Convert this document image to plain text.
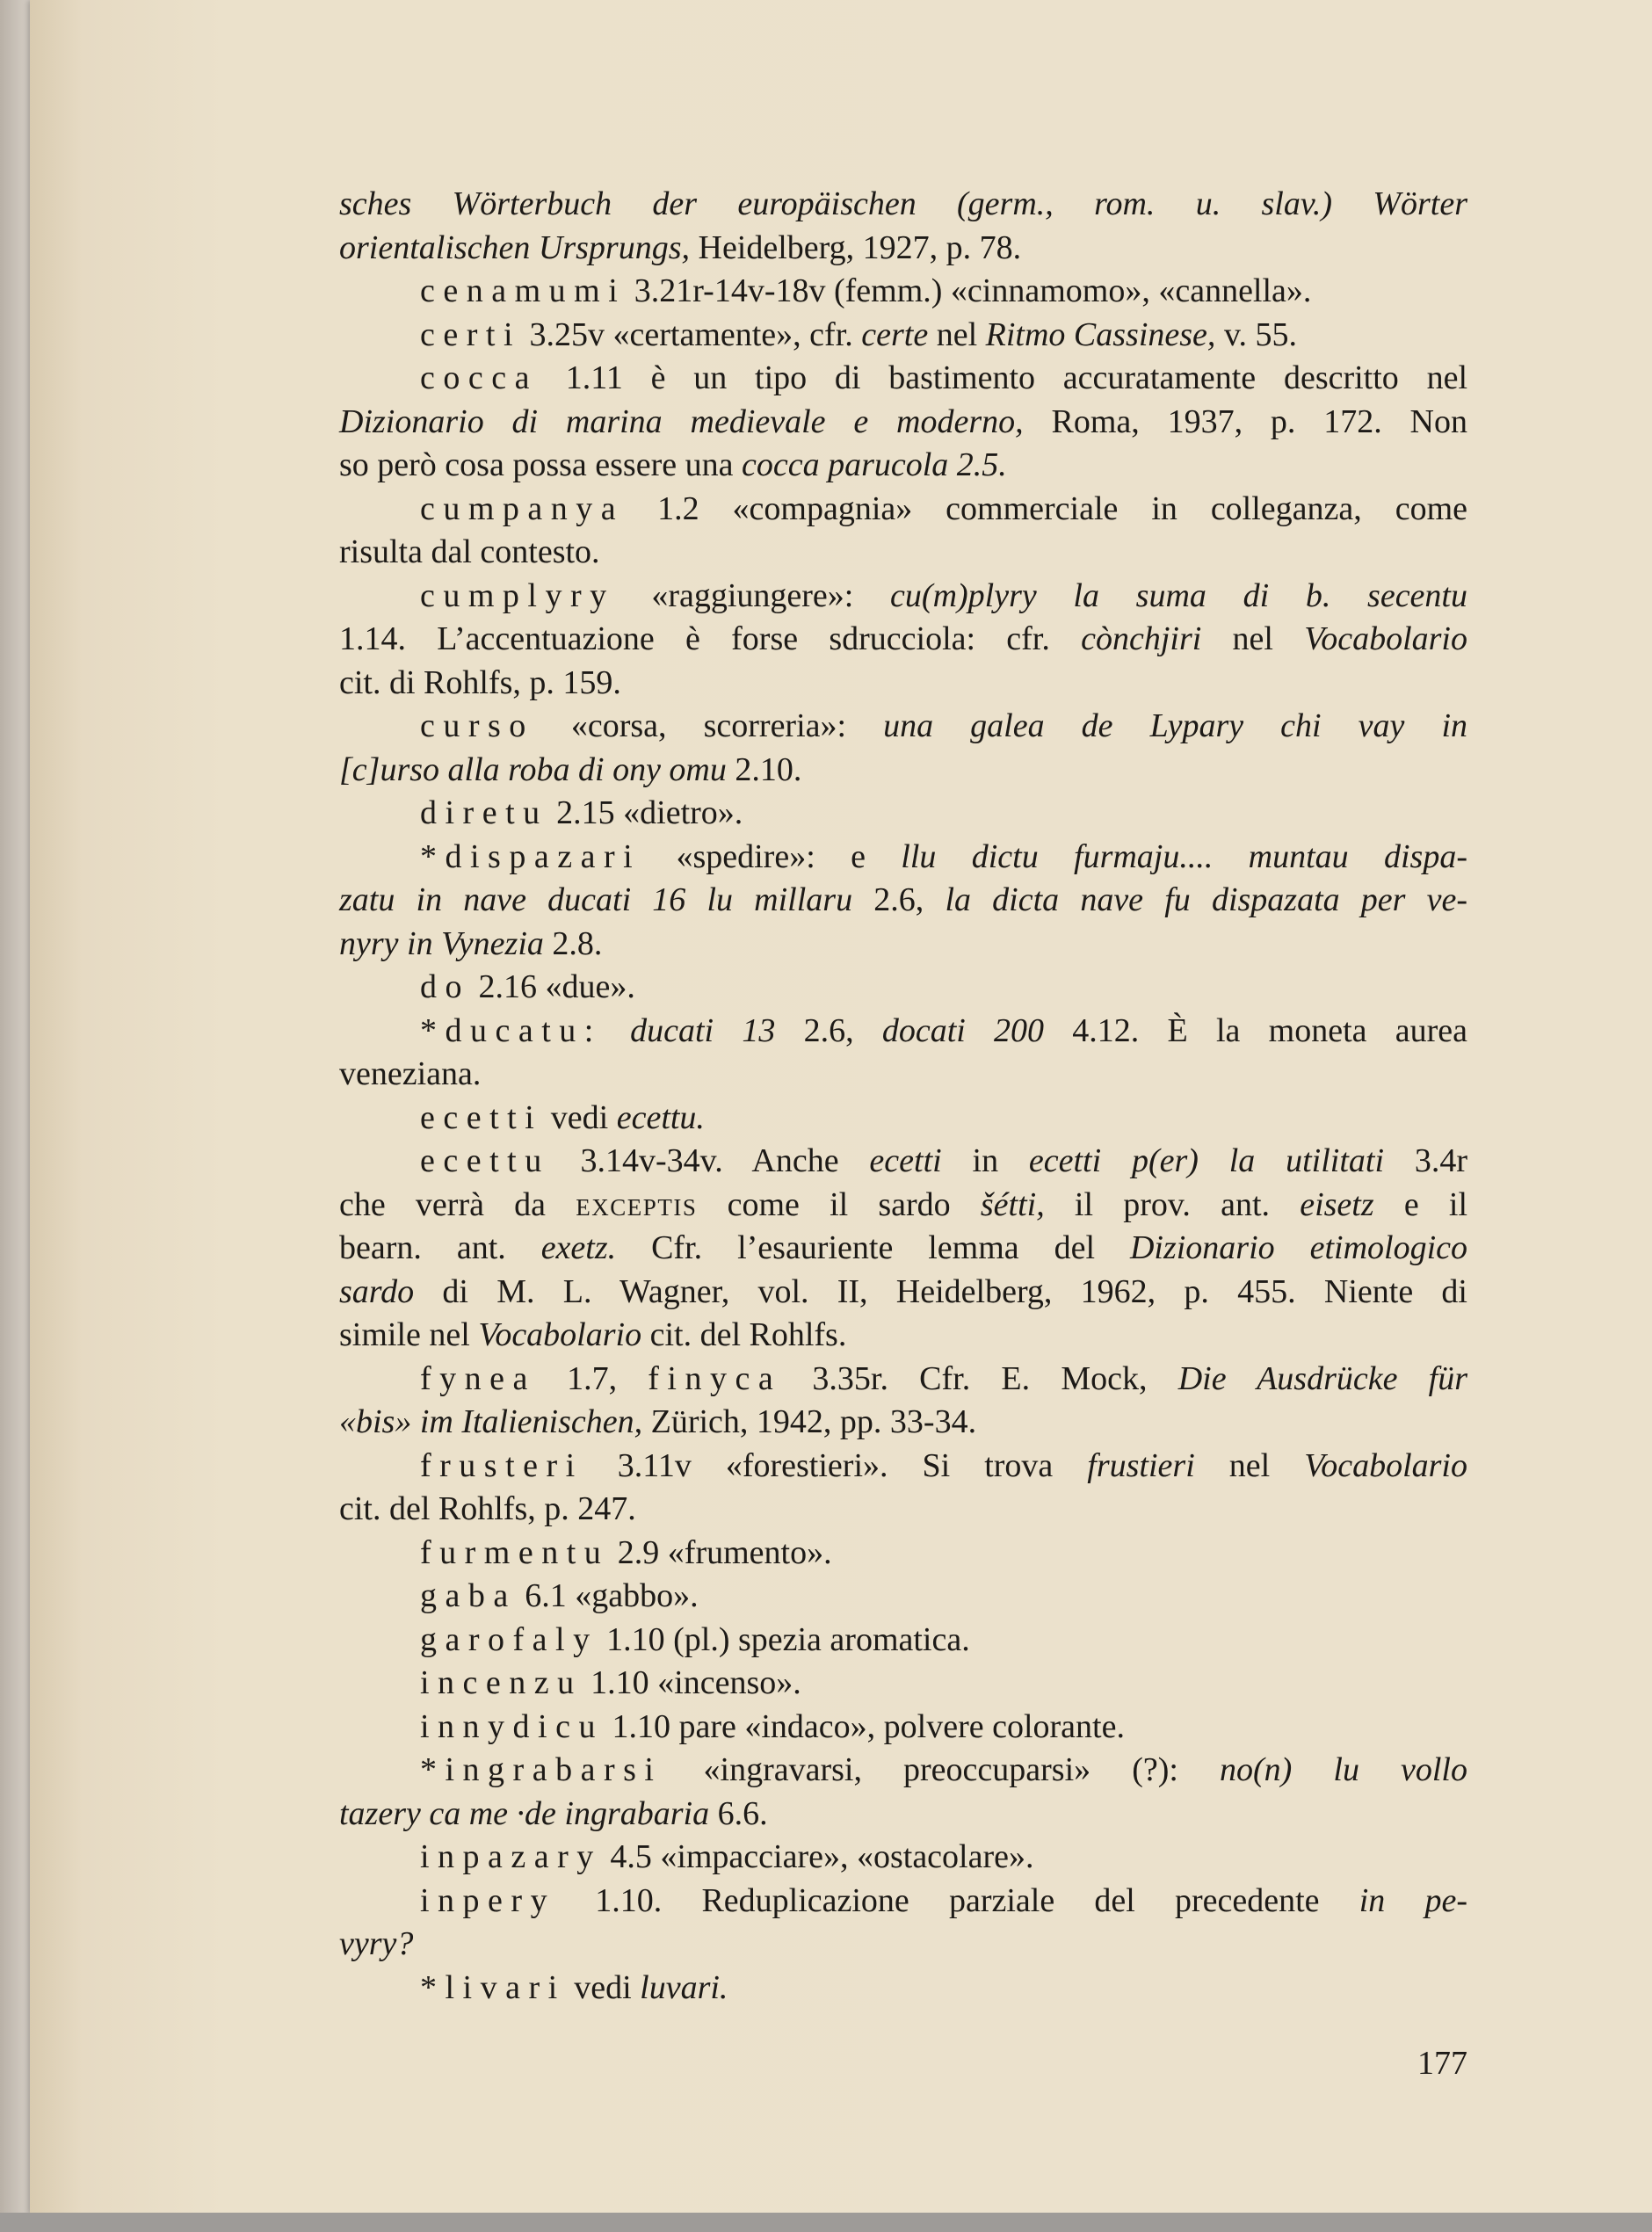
sches Wörterbuch der europäischen (germ., rom. u. slav.) Wörter
orientalischen Ursprungs, Heidelberg, 1927, p. 78.
cenamumi 3.21r-14v-18v (femm.) «cinnamomo», «cannella».
certi 3.25v «certamente», cfr. certe nel Ritmo Cassinese, v. 55.
cocca 1.11 è un tipo di bastimento accuratamente descritto nel
Dizionario di marina medievale e moderno, Roma, 1937, p. 172. Non
so però cosa possa essere una cocca parucola 2.5.
cumpanya 1.2 «compagnia» commerciale in colleganza, come
risulta dal contesto.
cumplyry «raggiungere»: cu(m)plyry la suma di b. secentu
1.14. L’accentuazione è forse sdrucciola: cfr. cònchjiri nel Vocabolario
cit. di Rohlfs, p. 159.
curso «corsa, scorreria»: una galea de Lypary chi vay in
[c]urso alla roba di ony omu 2.10.
diretu 2.15 «dietro».
*dispazari «spedire»: e llu dictu furmaju.... muntau dispa-
zatu in nave ducati 16 lu millaru 2.6, la dicta nave fu dispazata per ve-
nyry in Vynezia 2.8.
do 2.16 «due».
*ducatu: ducati 13 2.6, docati 200 4.12. È la moneta aurea
veneziana.
ecetti vedi ecettu.
ecettu 3.14v-34v. Anche ecetti in ecetti p(er) la utilitati 3.4r
che verrà da exceptis come il sardo šétti, il prov. ant. eisetz e il
bearn. ant. exetz. Cfr. l’esauriente lemma del Dizionario etimologico
sardo di M. L. Wagner, vol. II, Heidelberg, 1962, p. 455. Niente di
simile nel Vocabolario cit. del Rohlfs.
fynea 1.7, finyca 3.35r. Cfr. E. Mock, Die Ausdrücke für
«bis» im Italienischen, Zürich, 1942, pp. 33-34.
frusteri 3.11v «forestieri». Si trova frustieri nel Vocabolario
cit. del Rohlfs, p. 247.
furmentu 2.9 «frumento».
gaba 6.1 «gabbo».
garofaly 1.10 (pl.) spezia aromatica.
incenzu 1.10 «incenso».
innydicu 1.10 pare «indaco», polvere colorante.
*ingrabarsi «ingravarsi, preoccuparsi» (?): no(n) lu vollo
tazery ca me ·de ingrabaria 6.6.
inpazary 4.5 «impacciare», «ostacolare».
inpery 1.10. Reduplicazione parziale del precedente in pe-
vyry?
*livari vedi luvari.
177
